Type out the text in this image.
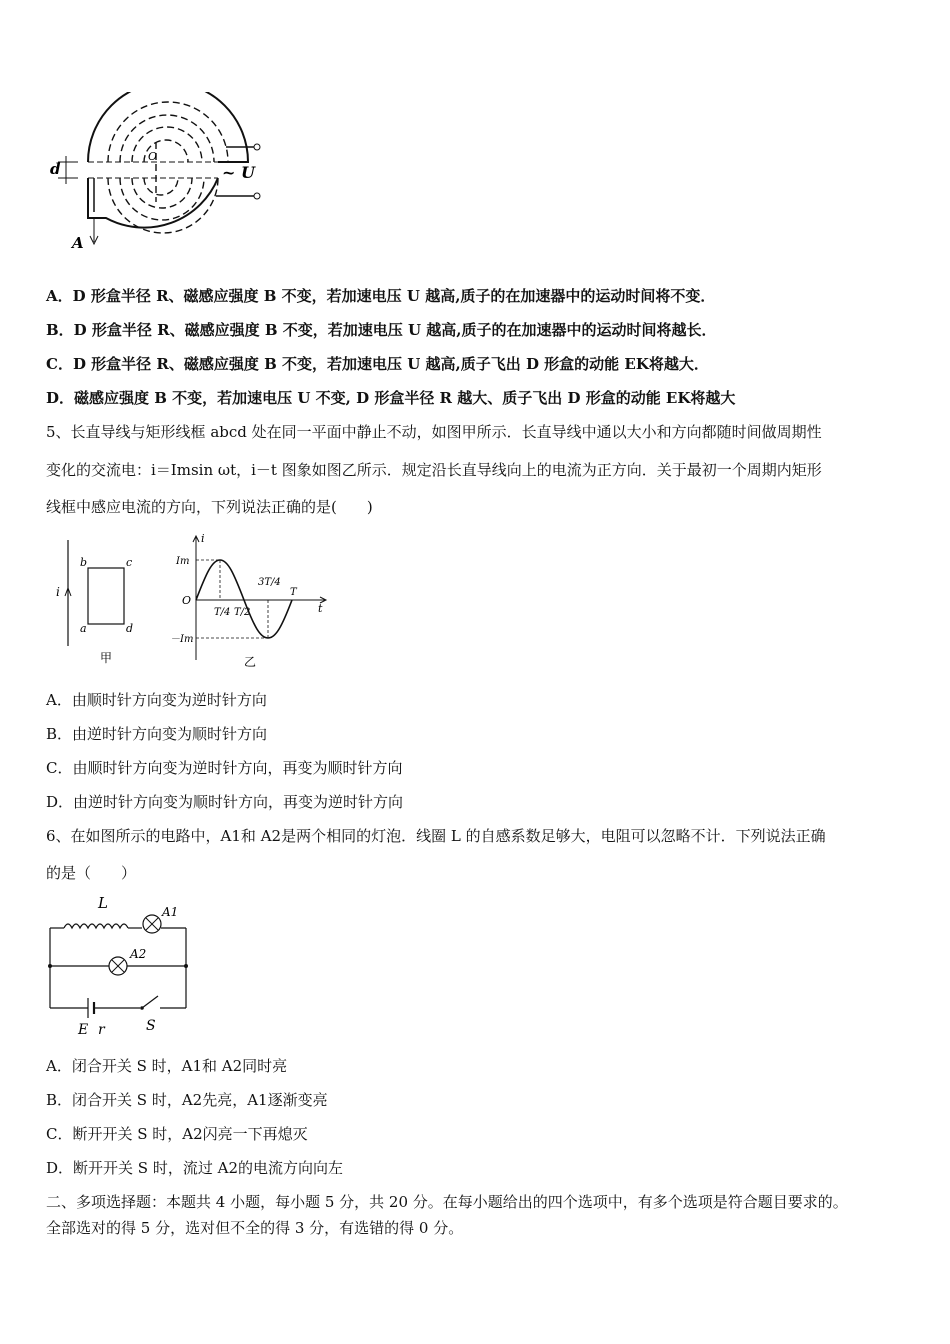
d	~ U
A
O
A．D 形盒半径 R、磁感应强度 B 不变，若加速电压 U 越高,质子的在加速器中的运动时间将不变．
B．D 形盒半径 R、磁感应强度 B 不变，若加速电压 U 越高,质子的在加速器中的运动时间将越长．
C．D 形盒半径 R、磁感应强度 B 不变，若加速电压 U 越高,质子飞出 D 形盒的动能 EK将越大．
D．磁感应强度 B 不变，若加速电压 U 不变, D 形盒半径 R 越大、质子飞出 D 形盒的动能 EK将越大
5、长直导线与矩形线框 abcd 处在同一平面中静止不动，如图甲所示．长直导线中通以大小和方向都随时间做周期性
变化的交流电：i＝Imsin ωt，i－t 图象如图乙所示．规定沿长直导线向上的电流为正方向．关于最初一个周期内矩形
线框中感应电流的方向，下列说法正确的是(　　)
i
b	c
a	d
甲
i
t
O
Im
－Im
T/4 T/2
3T/4
T
乙
A．由顺时针方向变为逆时针方向
B．由逆时针方向变为顺时针方向
C．由顺时针方向变为逆时针方向，再变为顺时针方向
D．由逆时针方向变为顺时针方向，再变为逆时针方向
6、在如图所示的电路中，A1和 A2是两个相同的灯泡．线圈 L 的自感系数足够大，电阻可以忽略不计．下列说法正确
的是（　　）
L	A1
A2
E r	S
A．闭合开关 S 时，A1和 A2同时亮
B．闭合开关 S 时，A2先亮，A1逐渐变亮
C．断开开关 S 时，A2闪亮一下再熄灭
D．断开开关 S 时，流过 A2的电流方向向左
二、多项选择题：本题共 4 小题，每小题 5 分，共 20 分。在每小题给出的四个选项中，有多个选项是符合题目要求的。
全部选对的得 5 分，选对但不全的得 3 分，有选错的得 0 分。
